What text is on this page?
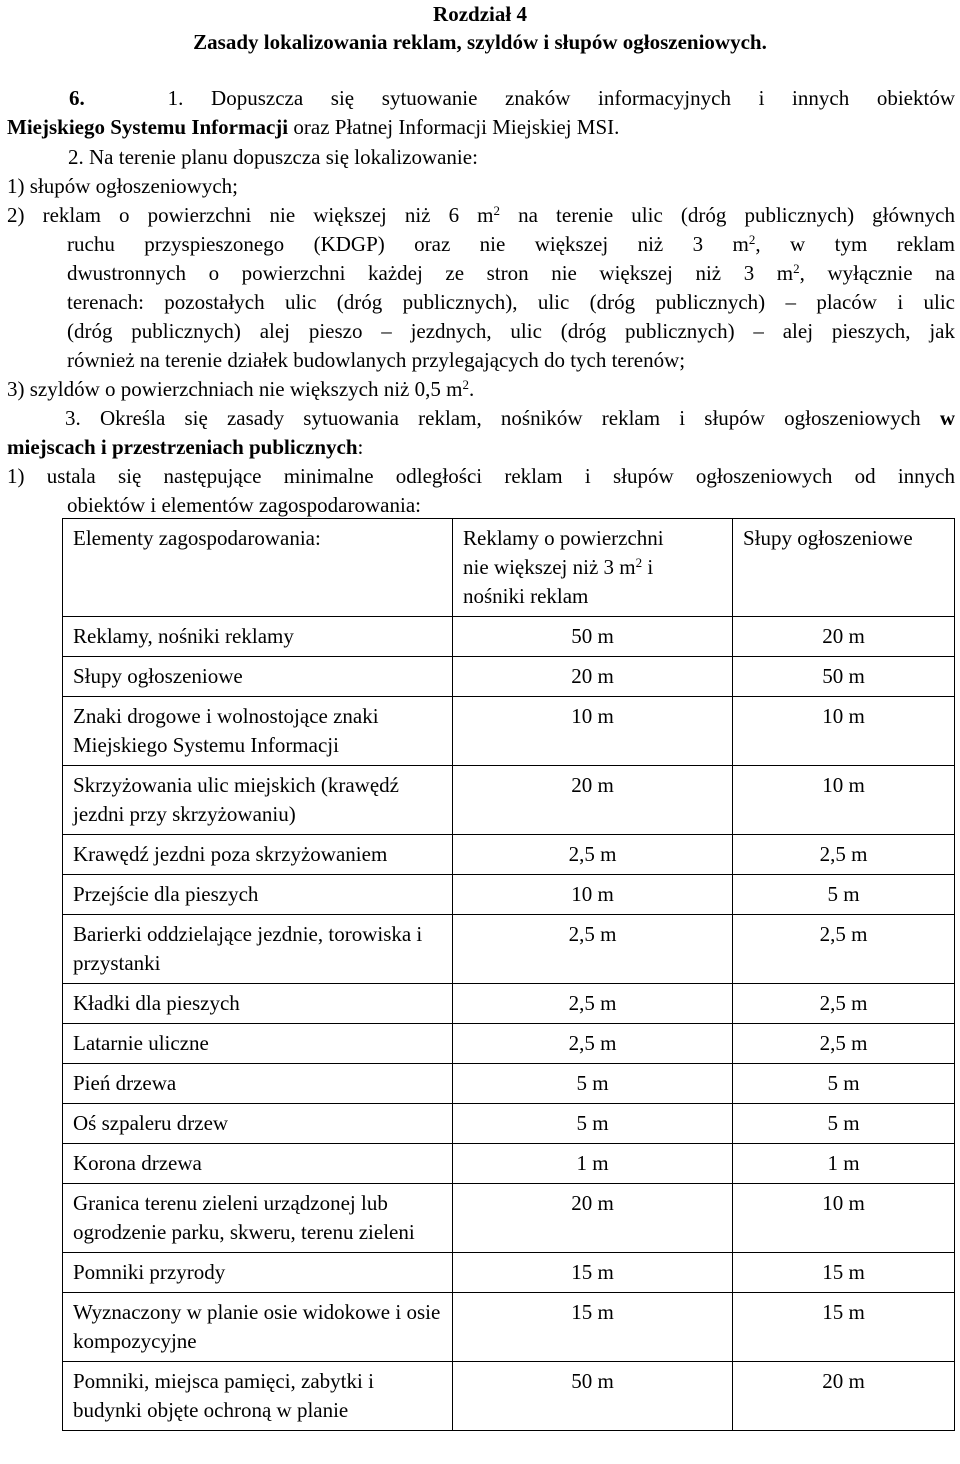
Rozdział 4
Zasady lokalizowania reklam, szyldów i słupów ogłoszeniowych.
6.	1. Dopuszcza się sytuowanie znaków informacyjnych i innych obiektów
Miejskiego Systemu Informacji oraz Płatnej Informacji Miejskiej MSI.
2. Na terenie planu dopuszcza się lokalizowanie:
1) słupów ogłoszeniowych;
2) reklam o powierzchni nie większej niż 6 $m^2$ na terenie ulic (dróg publicznych) głównych
ruchu przyspieszonego (KDGP) oraz nie większej niż 3 $m^2$, w tym reklam
dwustronnych o powierzchni każdej ze stron nie większej niż 3 $m^2$, wyłącznie na
terenach: pozostałych ulic (dróg publicznych), ulic (dróg publicznych) – placów i ulic
(dróg publicznych) alej pieszo – jezdnych, ulic (dróg publicznych) – alej pieszych, jak
również na terenie działek budowlanych przylegających do tych terenów;
3) szyldów o powierzchniach nie większych niż 0,5 $m^2$.
3. Określa się zasady sytuowania reklam, nośników reklam i słupów ogłoszeniowych w
miejscach i przestrzeniach publicznych:
1) ustala się następujące minimalne odległości reklam i słupów ogłoszeniowych od innych
obiektów i elementów zagospodarowania:
Elementy zagospodarowania:	Reklamy o powierzchni
nie większej niż 3 $m^2$ i
nośniki reklam	Słupy ogłoszeniowe
Reklamy, nośniki reklamy	50 m	20 m
Słupy ogłoszeniowe	20 m	50 m
Znaki drogowe i wolnostojące znaki Miejskiego Systemu Informacji	10 m	10 m
Skrzyżowania ulic miejskich (krawędź jezdni przy skrzyżowaniu)	20 m	10 m
Krawędź jezdni poza skrzyżowaniem	2,5 m	2,5 m
Przejście dla pieszych	10 m	5 m
Barierki oddzielające jezdnie, torowiska i przystanki	2,5 m	2,5 m
Kładki dla pieszych	2,5 m	2,5 m
Latarnie uliczne	2,5 m	2,5 m
Pień drzewa	5 m	5 m
Oś szpaleru drzew	5 m	5 m
Korona drzewa	1 m	1 m
Granica terenu zieleni urządzonej lub ogrodzenie parku, skweru, terenu zieleni	20 m	10 m
Pomniki przyrody	15 m	15 m
Wyznaczony w planie osie widokowe i osie kompozycyjne	15 m	15 m
Pomniki, miejsca pamięci, zabytki i budynki objęte ochroną w planie	50 m	20 m
